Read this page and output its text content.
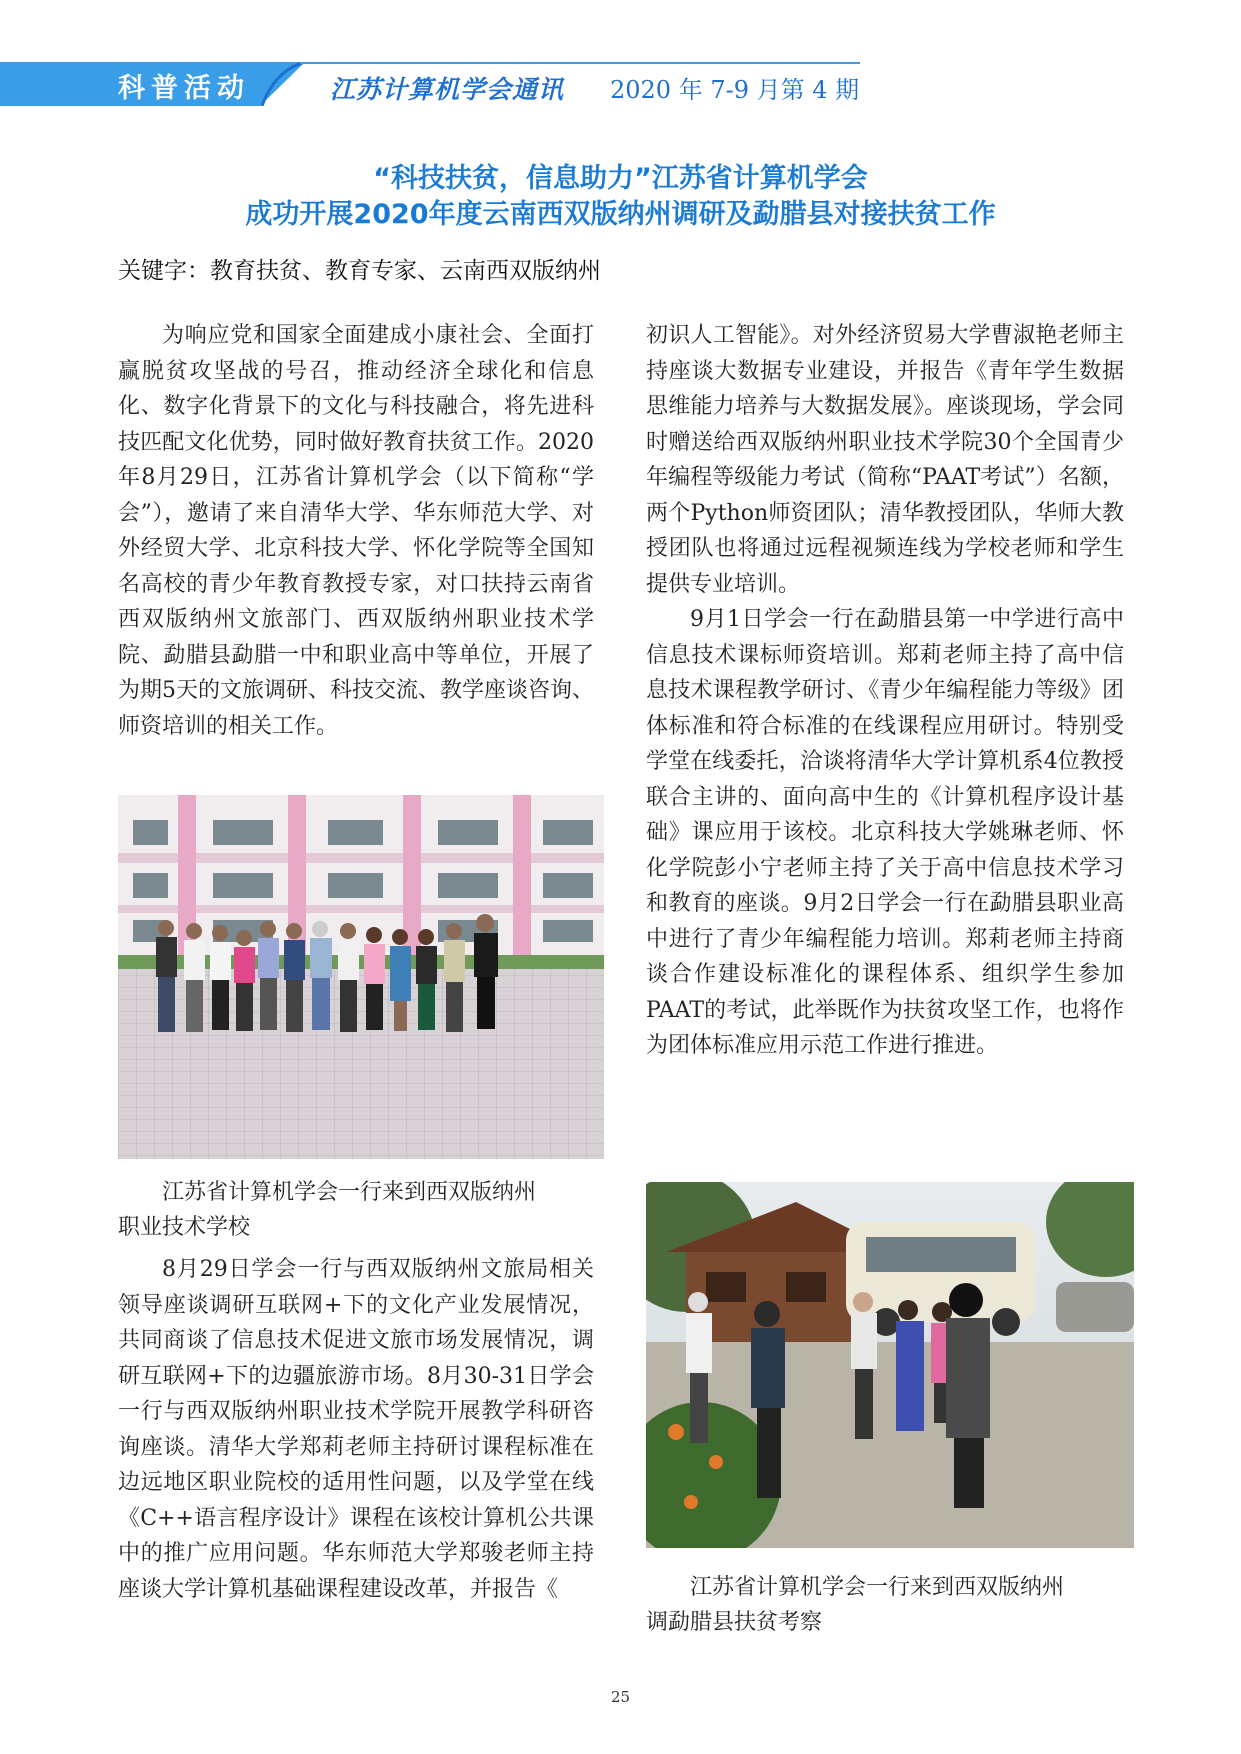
科普活动	江苏计算机学会通讯 2020 年 7-9 月第 4 期
“科技扶贫，信息助力”江苏省计算机学会
成功开展2020年度云南西双版纳州调研及勐腊县对接扶贫工作
关键字：教育扶贫、教育专家、云南西双版纳州

为响应党和国家全面建成小康社会、全面打赢脱贫攻坚战的号召，推动经济全球化和信息化、数字化背景下的文化与科技融合，将先进科技匹配文化优势，同时做好教育扶贫工作。2020年8月29日，江苏省计算机学会（以下简称“学会”），邀请了来自清华大学、华东师范大学、对外经贸大学、北京科技大学、怀化学院等全国知名高校的青少年教育教授专家，对口扶持云南省西双版纳州文旅部门、西双版纳州职业技术学院、勐腊县勐腊一中和职业高中等单位，开展了为期5天的文旅调研、科技交流、教学座谈咨询、师资培训的相关工作。

江苏省计算机学会一行来到西双版纳州
职业技术学校

8月29日学会一行与西双版纳州文旅局相关领导座谈调研互联网+下的文化产业发展情况，共同商谈了信息技术促进文旅市场发展情况，调研互联网+下的边疆旅游市场。8月30-31日学会一行与西双版纳州职业技术学院开展教学科研咨询座谈。清华大学郑莉老师主持研讨课程标准在边远地区职业院校的适用性问题，以及学堂在线《C++语言程序设计》课程在该校计算机公共课中的推广应用问题。华东师范大学郑骏老师主持座谈大学计算机基础课程建设改革，并报告《

初识人工智能》。对外经济贸易大学曹淑艳老师主持座谈大数据专业建设，并报告《青年学生数据思维能力培养与大数据发展》。座谈现场，学会同时赠送给西双版纳州职业技术学院30个全国青少年编程等级能力考试（简称“PAAT考试”）名额，两个Python师资团队；清华教授团队，华师大教授团队也将通过远程视频连线为学校老师和学生提供专业培训。

9月1日学会一行在勐腊县第一中学进行高中信息技术课标师资培训。郑莉老师主持了高中信息技术课程教学研讨、《青少年编程能力等级》团体标准和符合标准的在线课程应用研讨。特别受学堂在线委托，洽谈将清华大学计算机系4位教授联合主讲的、面向高中生的《计算机程序设计基础》课应用于该校。北京科技大学姚琳老师、怀化学院彭小宁老师主持了关于高中信息技术学习和教育的座谈。9月2日学会一行在勐腊县职业高中进行了青少年编程能力培训。郑莉老师主持商谈合作建设标准化的课程体系、组织学生参加PAAT的考试，此举既作为扶贫攻坚工作，也将作为团体标准应用示范工作进行推进。

江苏省计算机学会一行来到西双版纳州
调勐腊县扶贫考察
25
